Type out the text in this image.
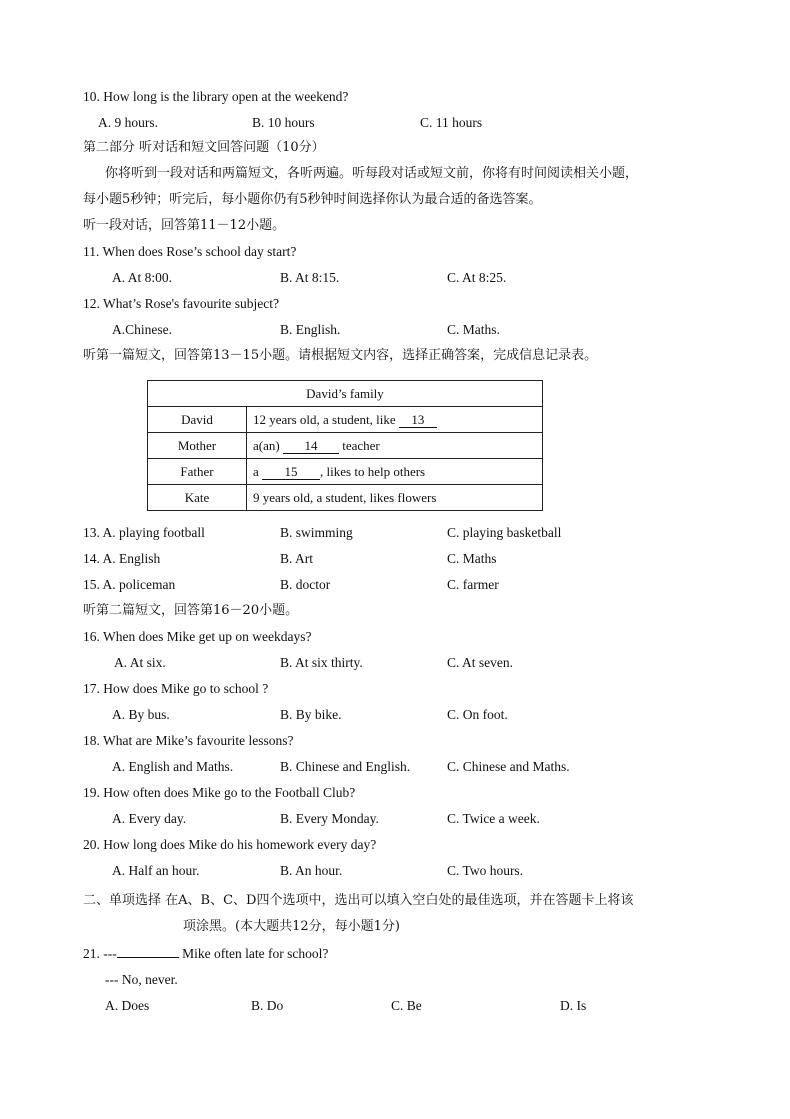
10. How long is the library open at the weekend?
A. 9 hours.	B. 10 hours	C. 11 hours
第二部分 听对话和短文回答问题（10分）
你将听到一段对话和两篇短文，各听两遍。听每段对话或短文前，你将有时间阅读相关小题，
每小题5秒钟；听完后，每小题你仍有5秒钟时间选择你认为最合适的备选答案。
听一段对话，回答第11－12小题。
11. When does Rose’s school day start?
A. At 8:00.	B. At 8:15.	C. At 8:25.
12. What’s Rose's favourite subject?
A.Chinese.	B. English.	C. Maths.
听第一篇短文，回答第13－15小题。请根据短文内容，选择正确答案，完成信息记录表。
David’s family	
David	12 years old, a student, like 13
Mother	a(an) 14 teacher
Father	a 15 , likes to help others
Kate	9 years old, a student, likes flowers
13. A. playing football	B. swimming	C. playing basketball
14. A. English	B. Art	C. Maths
15. A. policeman	B. doctor	C. farmer
听第二篇短文，回答第16－20小题。
16. When does Mike get up on weekdays?
A. At six.	B. At six thirty.	C. At seven.
17. How does Mike go to school ?
A. By bus.	B. By bike.	C. On foot.
18. What are Mike’s favourite lessons?
A. English and Maths.	B. Chinese and English.	C. Chinese and Maths.
19. How often does Mike go to the Football Club?
A. Every day.	B. Every Monday.	C. Twice a week.
20. How long does Mike do his homework every day?
A. Half an hour.	B. An hour.	C. Two hours.
二、单项选择 在A、B、C、D四个选项中，选出可以填入空白处的最佳选项，并在答题卡上将该
项涂黑。(本大题共12分，每小题1分)
21. ---	Mike often late for school?
--- No, never.
A. Does	B. Do	C. Be	D. Is
